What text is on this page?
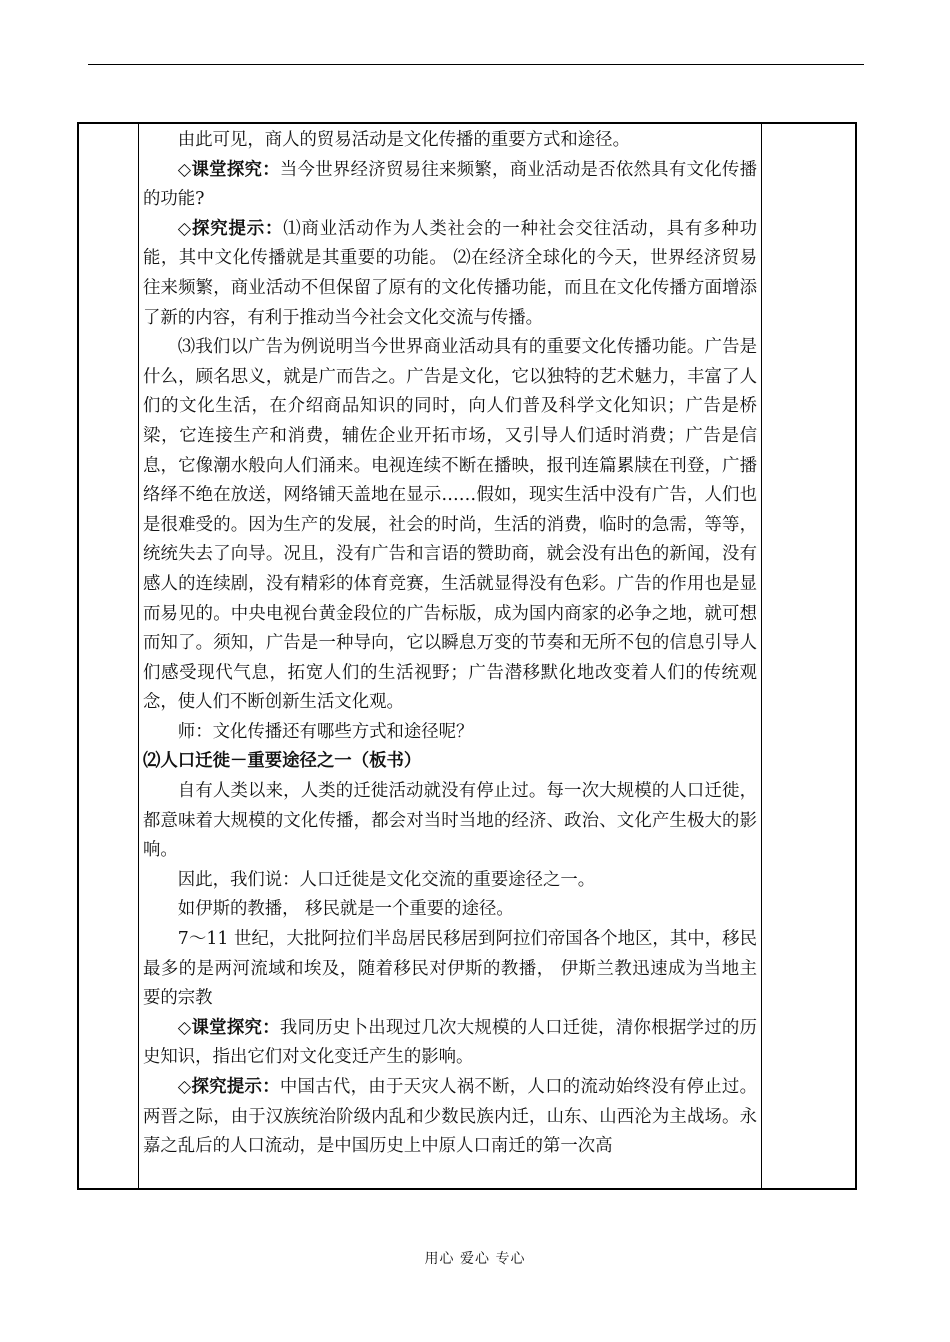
由此可见，商人的贸易活动是文化传播的重要方式和途径。

◇课堂探究：当今世界经济贸易往来频繁，商业活动是否依然具有文化传播的功能?

◇探究提示：⑴商业活动作为人类社会的一种社会交往活动，具有多种功能，其中文化传播就是其重要的功能。 ⑵在经济全球化的今天，世界经济贸易往来频繁，商业活动不但保留了原有的文化传播功能，而且在文化传播方面增添了新的内容，有利于推动当今社会文化交流与传播。

⑶我们以广告为例说明当今世界商业活动具有的重要文化传播功能。广告是什么，顾名思义，就是广而告之。广告是文化，它以独特的艺术魅力，丰富了人们的文化生活，在介绍商品知识的同时，向人们普及科学文化知识；广告是桥梁，它连接生产和消费，辅佐企业开拓市场，又引导人们适时消费；广告是信息，它像潮水般向人们涌来。电视连续不断在播映，报刊连篇累牍在刊登，广播络绎不绝在放送，网络铺天盖地在显示……假如，现实生活中没有广告，人们也是很难受的。因为生产的发展，社会的时尚，生活的消费，临时的急需，等等，统统失去了向导。况且，没有广告和言语的赞助商，就会没有出色的新闻，没有感人的连续剧，没有精彩的体育竞赛，生活就显得没有色彩。广告的作用也是显而易见的。中央电视台黄金段位的广告标版，成为国内商家的必争之地，就可想而知了。须知，广告是一种导向，它以瞬息万变的节奏和无所不包的信息引导人们感受现代气息，拓宽人们的生活视野；广告潜移默化地改变着人们的传统观念，使人们不断创新生活文化观。

师：文化传播还有哪些方式和途径呢？

⑵人口迁徙－重要途径之一（板书）

自有人类以来，人类的迁徙活动就没有停止过。每一次大规模的人口迁徙，都意味着大规模的文化传播，都会对当时当地的经济、政治、文化产生极大的影响。

因此，我们说：人口迁徙是文化交流的重要途径之一。

如伊斯的教播， 移民就是一个重要的途径。

7～11 世纪，大批阿拉们半岛居民移居到阿拉们帝国各个地区，其中，移民最多的是两河流域和埃及，随着移民对伊斯的教播， 伊斯兰教迅速成为当地主要的宗教

◇课堂探究：我同历史卜出现过几次大规模的人口迁徙，清你根据学过的历史知识，指出它们对文化变迁产生的影响。

◇探究提示：中国古代，由于天灾人祸不断，人口的流动始终没有停止过。两晋之际，由于汉族统治阶级内乱和少数民族内迁，山东、山西沦为主战场。永嘉之乱后的人口流动，是中国历史上中原人口南迁的第一次高

用心 爱心 专心
